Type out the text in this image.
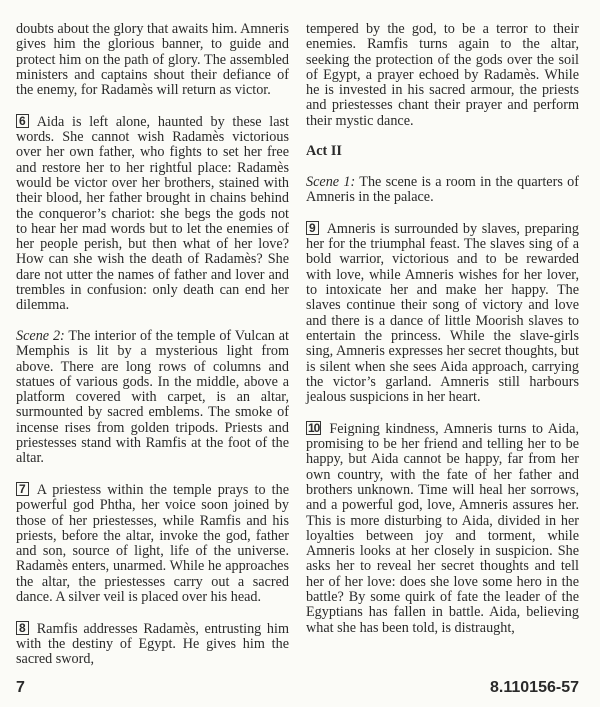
doubts about the glory that awaits him. Amneris gives him the glorious banner, to guide and protect him on the path of glory. The assembled ministers and captains shout their defiance of the enemy, for Radamès will return as victor.

6 Aida is left alone, haunted by these last words. She cannot wish Radamès victorious over her own father, who fights to set her free and restore her to her rightful place: Radamès would be victor over her brothers, stained with their blood, her father brought in chains behind the conqueror’s chariot: she begs the gods not to hear her mad words but to let the enemies of her people perish, but then what of her love? How can she wish the death of Radamès? She dare not utter the names of father and lover and trembles in confusion: only death can end her dilemma.

Scene 2: The interior of the temple of Vulcan at Memphis is lit by a mysterious light from above. There are long rows of columns and statues of various gods. In the middle, above a platform covered with carpet, is an altar, surmounted by sacred emblems. The smoke of incense rises from golden tripods. Priests and priestesses stand with Ramfis at the foot of the altar.

7 A priestess within the temple prays to the powerful god Phtha, her voice soon joined by those of her priestesses, while Ramfis and his priests, before the altar, invoke the god, father and son, source of light, life of the universe. Radamès enters, unarmed. While he approaches the altar, the priestesses carry out a sacred dance. A silver veil is placed over his head.

8 Ramfis addresses Radamès, entrusting him with the destiny of Egypt. He gives him the sacred sword,

tempered by the god, to be a terror to their enemies. Ramfis turns again to the altar, seeking the protection of the gods over the soil of Egypt, a prayer echoed by Radamès. While he is invested in his sacred armour, the priests and priestesses chant their prayer and perform their mystic dance.

Act II

Scene 1: The scene is a room in the quarters of Amneris in the palace.

9 Amneris is surrounded by slaves, preparing her for the triumphal feast. The slaves sing of a bold warrior, victorious and to be rewarded with love, while Amneris wishes for her lover, to intoxicate her and make her happy. The slaves continue their song of victory and love and there is a dance of little Moorish slaves to entertain the princess. While the slave-girls sing, Amneris expresses her secret thoughts, but is silent when she sees Aida approach, carrying the victor’s garland. Amneris still harbours jealous suspicions in her heart.

10 Feigning kindness, Amneris turns to Aida, promising to be her friend and telling her to be happy, but Aida cannot be happy, far from her own country, with the fate of her father and brothers unknown. Time will heal her sorrows, and a powerful god, love, Amneris assures her. This is more disturbing to Aida, divided in her loyalties between joy and torment, while Amneris looks at her closely in suspicion. She asks her to reveal her secret thoughts and tell her of her love: does she love some hero in the battle? By some quirk of fate the leader of the Egyptians has fallen in battle. Aida, believing what she has been told, is distraught,

7	8.110156-57
